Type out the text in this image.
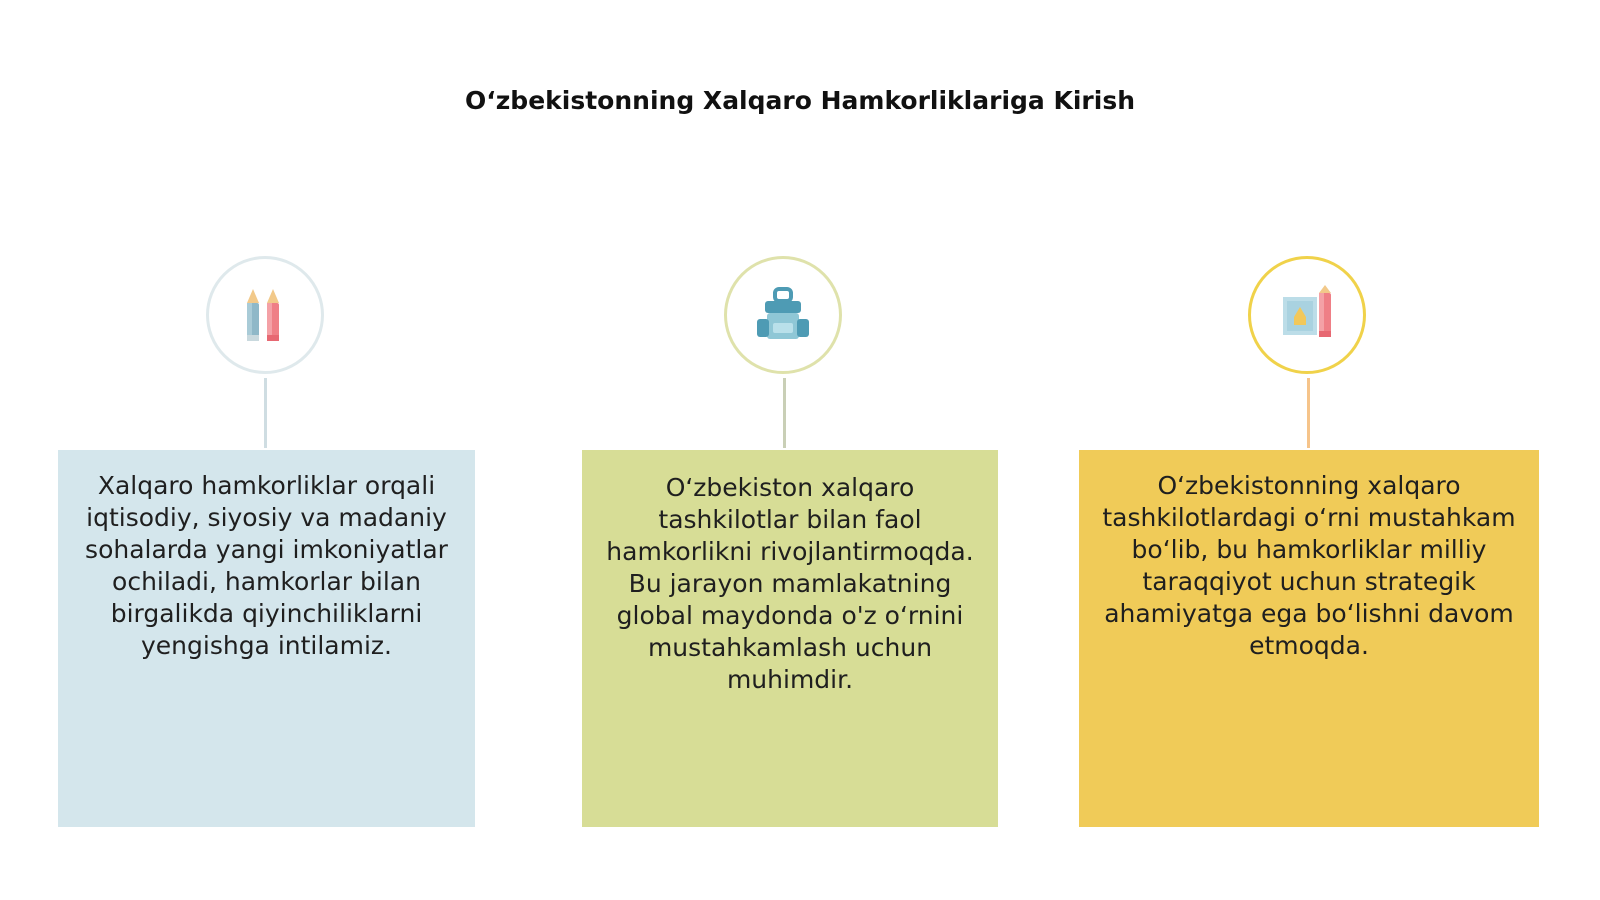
O‘zbekistonning Xalqaro Hamkorliklariga Kirish
Xalqaro hamkorliklar orqali iqtisodiy, siyosiy va madaniy sohalarda yangi imkoniyatlar ochiladi, hamkorlar bilan birgalikda qiyinchiliklarni yengishga intilamiz.
O‘zbekiston xalqaro tashkilotlar bilan faol hamkorlikni rivojlantirmoqda. Bu jarayon mamlakatning global maydonda o'z o‘rnini mustahkamlash uchun muhimdir.
O‘zbekistonning xalqaro tashkilotlardagi o‘rni mustahkam bo‘lib, bu hamkorliklar milliy taraqqiyot uchun strategik ahamiyatga ega bo‘lishni davom etmoqda.
